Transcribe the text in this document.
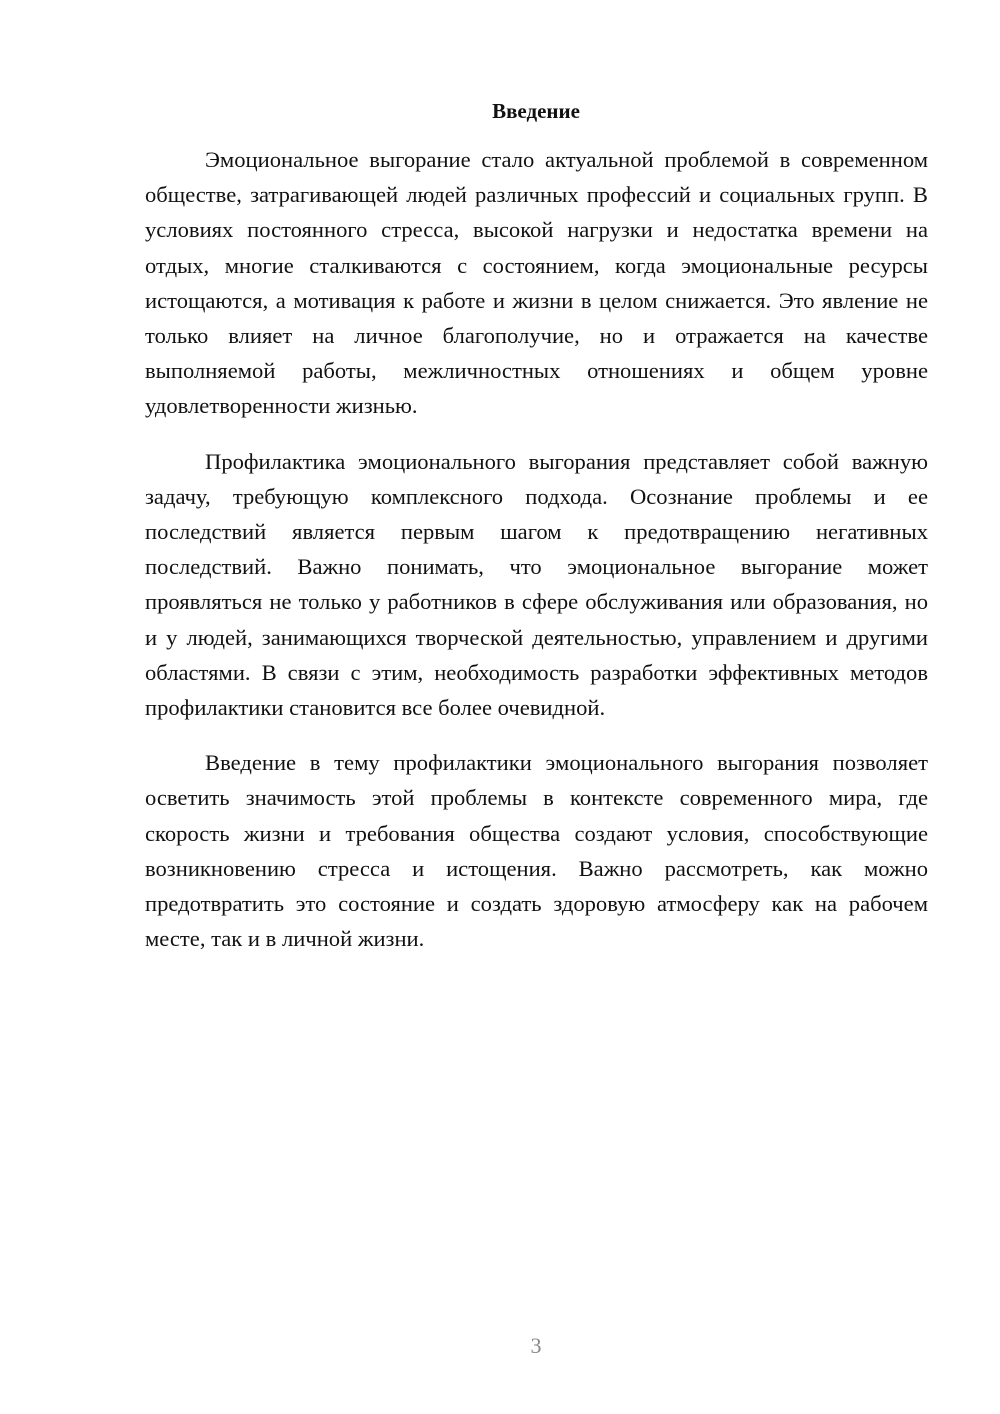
Введение

Эмоциональное выгорание стало актуальной проблемой в современном обществе, затрагивающей людей различных профессий и социальных групп. В условиях постоянного стресса, высокой нагрузки и недостатка времени на отдых, многие сталкиваются с состоянием, когда эмоциональные ресурсы истощаются, а мотивация к работе и жизни в целом снижается. Это явление не только влияет на личное благополучие, но и отражается на качестве выполняемой работы, межличностных отношениях и общем уровне удовлетворенности жизнью.

Профилактика эмоционального выгорания представляет собой важную задачу, требующую комплексного подхода. Осознание проблемы и ее последствий является первым шагом к предотвращению негативных последствий. Важно понимать, что эмоциональное выгорание может проявляться не только у работников в сфере обслуживания или образования, но и у людей, занимающихся творческой деятельностью, управлением и другими областями. В связи с этим, необходимость разработки эффективных методов профилактики становится все более очевидной.

Введение в тему профилактики эмоционального выгорания позволяет осветить значимость этой проблемы в контексте современного мира, где скорость жизни и требования общества создают условия, способствующие возникновению стресса и истощения. Важно рассмотреть, как можно предотвратить это состояние и создать здоровую атмосферу как на рабочем месте, так и в личной жизни.

3
